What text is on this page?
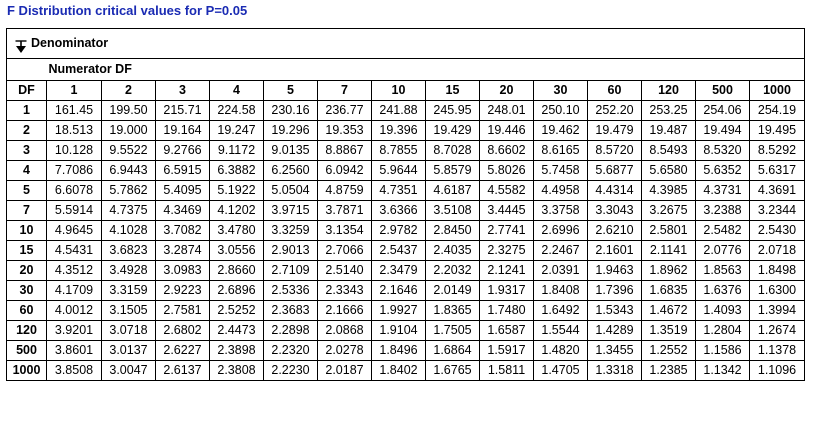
F Distribution critical values for P=0.05
Denominator														
	Numerator DF													
DF	1	2	3	4	5	7	10	15	20	30	60	120	500	1000
1	161.45	199.50	215.71	224.58	230.16	236.77	241.88	245.95	248.01	250.10	252.20	253.25	254.06	254.19
2	18.513	19.000	19.164	19.247	19.296	19.353	19.396	19.429	19.446	19.462	19.479	19.487	19.494	19.495
3	10.128	9.5522	9.2766	9.1172	9.0135	8.8867	8.7855	8.7028	8.6602	8.6165	8.5720	8.5493	8.5320	8.5292
4	7.7086	6.9443	6.5915	6.3882	6.2560	6.0942	5.9644	5.8579	5.8026	5.7458	5.6877	5.6580	5.6352	5.6317
5	6.6078	5.7862	5.4095	5.1922	5.0504	4.8759	4.7351	4.6187	4.5582	4.4958	4.4314	4.3985	4.3731	4.3691
7	5.5914	4.7375	4.3469	4.1202	3.9715	3.7871	3.6366	3.5108	3.4445	3.3758	3.3043	3.2675	3.2388	3.2344
10	4.9645	4.1028	3.7082	3.4780	3.3259	3.1354	2.9782	2.8450	2.7741	2.6996	2.6210	2.5801	2.5482	2.5430
15	4.5431	3.6823	3.2874	3.0556	2.9013	2.7066	2.5437	2.4035	2.3275	2.2467	2.1601	2.1141	2.0776	2.0718
20	4.3512	3.4928	3.0983	2.8660	2.7109	2.5140	2.3479	2.2032	2.1241	2.0391	1.9463	1.8962	1.8563	1.8498
30	4.1709	3.3159	2.9223	2.6896	2.5336	2.3343	2.1646	2.0149	1.9317	1.8408	1.7396	1.6835	1.6376	1.6300
60	4.0012	3.1505	2.7581	2.5252	2.3683	2.1666	1.9927	1.8365	1.7480	1.6492	1.5343	1.4672	1.4093	1.3994
120	3.9201	3.0718	2.6802	2.4473	2.2898	2.0868	1.9104	1.7505	1.6587	1.5544	1.4289	1.3519	1.2804	1.2674
500	3.8601	3.0137	2.6227	2.3898	2.2320	2.0278	1.8496	1.6864	1.5917	1.4820	1.3455	1.2552	1.1586	1.1378
1000	3.8508	3.0047	2.6137	2.3808	2.2230	2.0187	1.8402	1.6765	1.5811	1.4705	1.3318	1.2385	1.1342	1.1096
